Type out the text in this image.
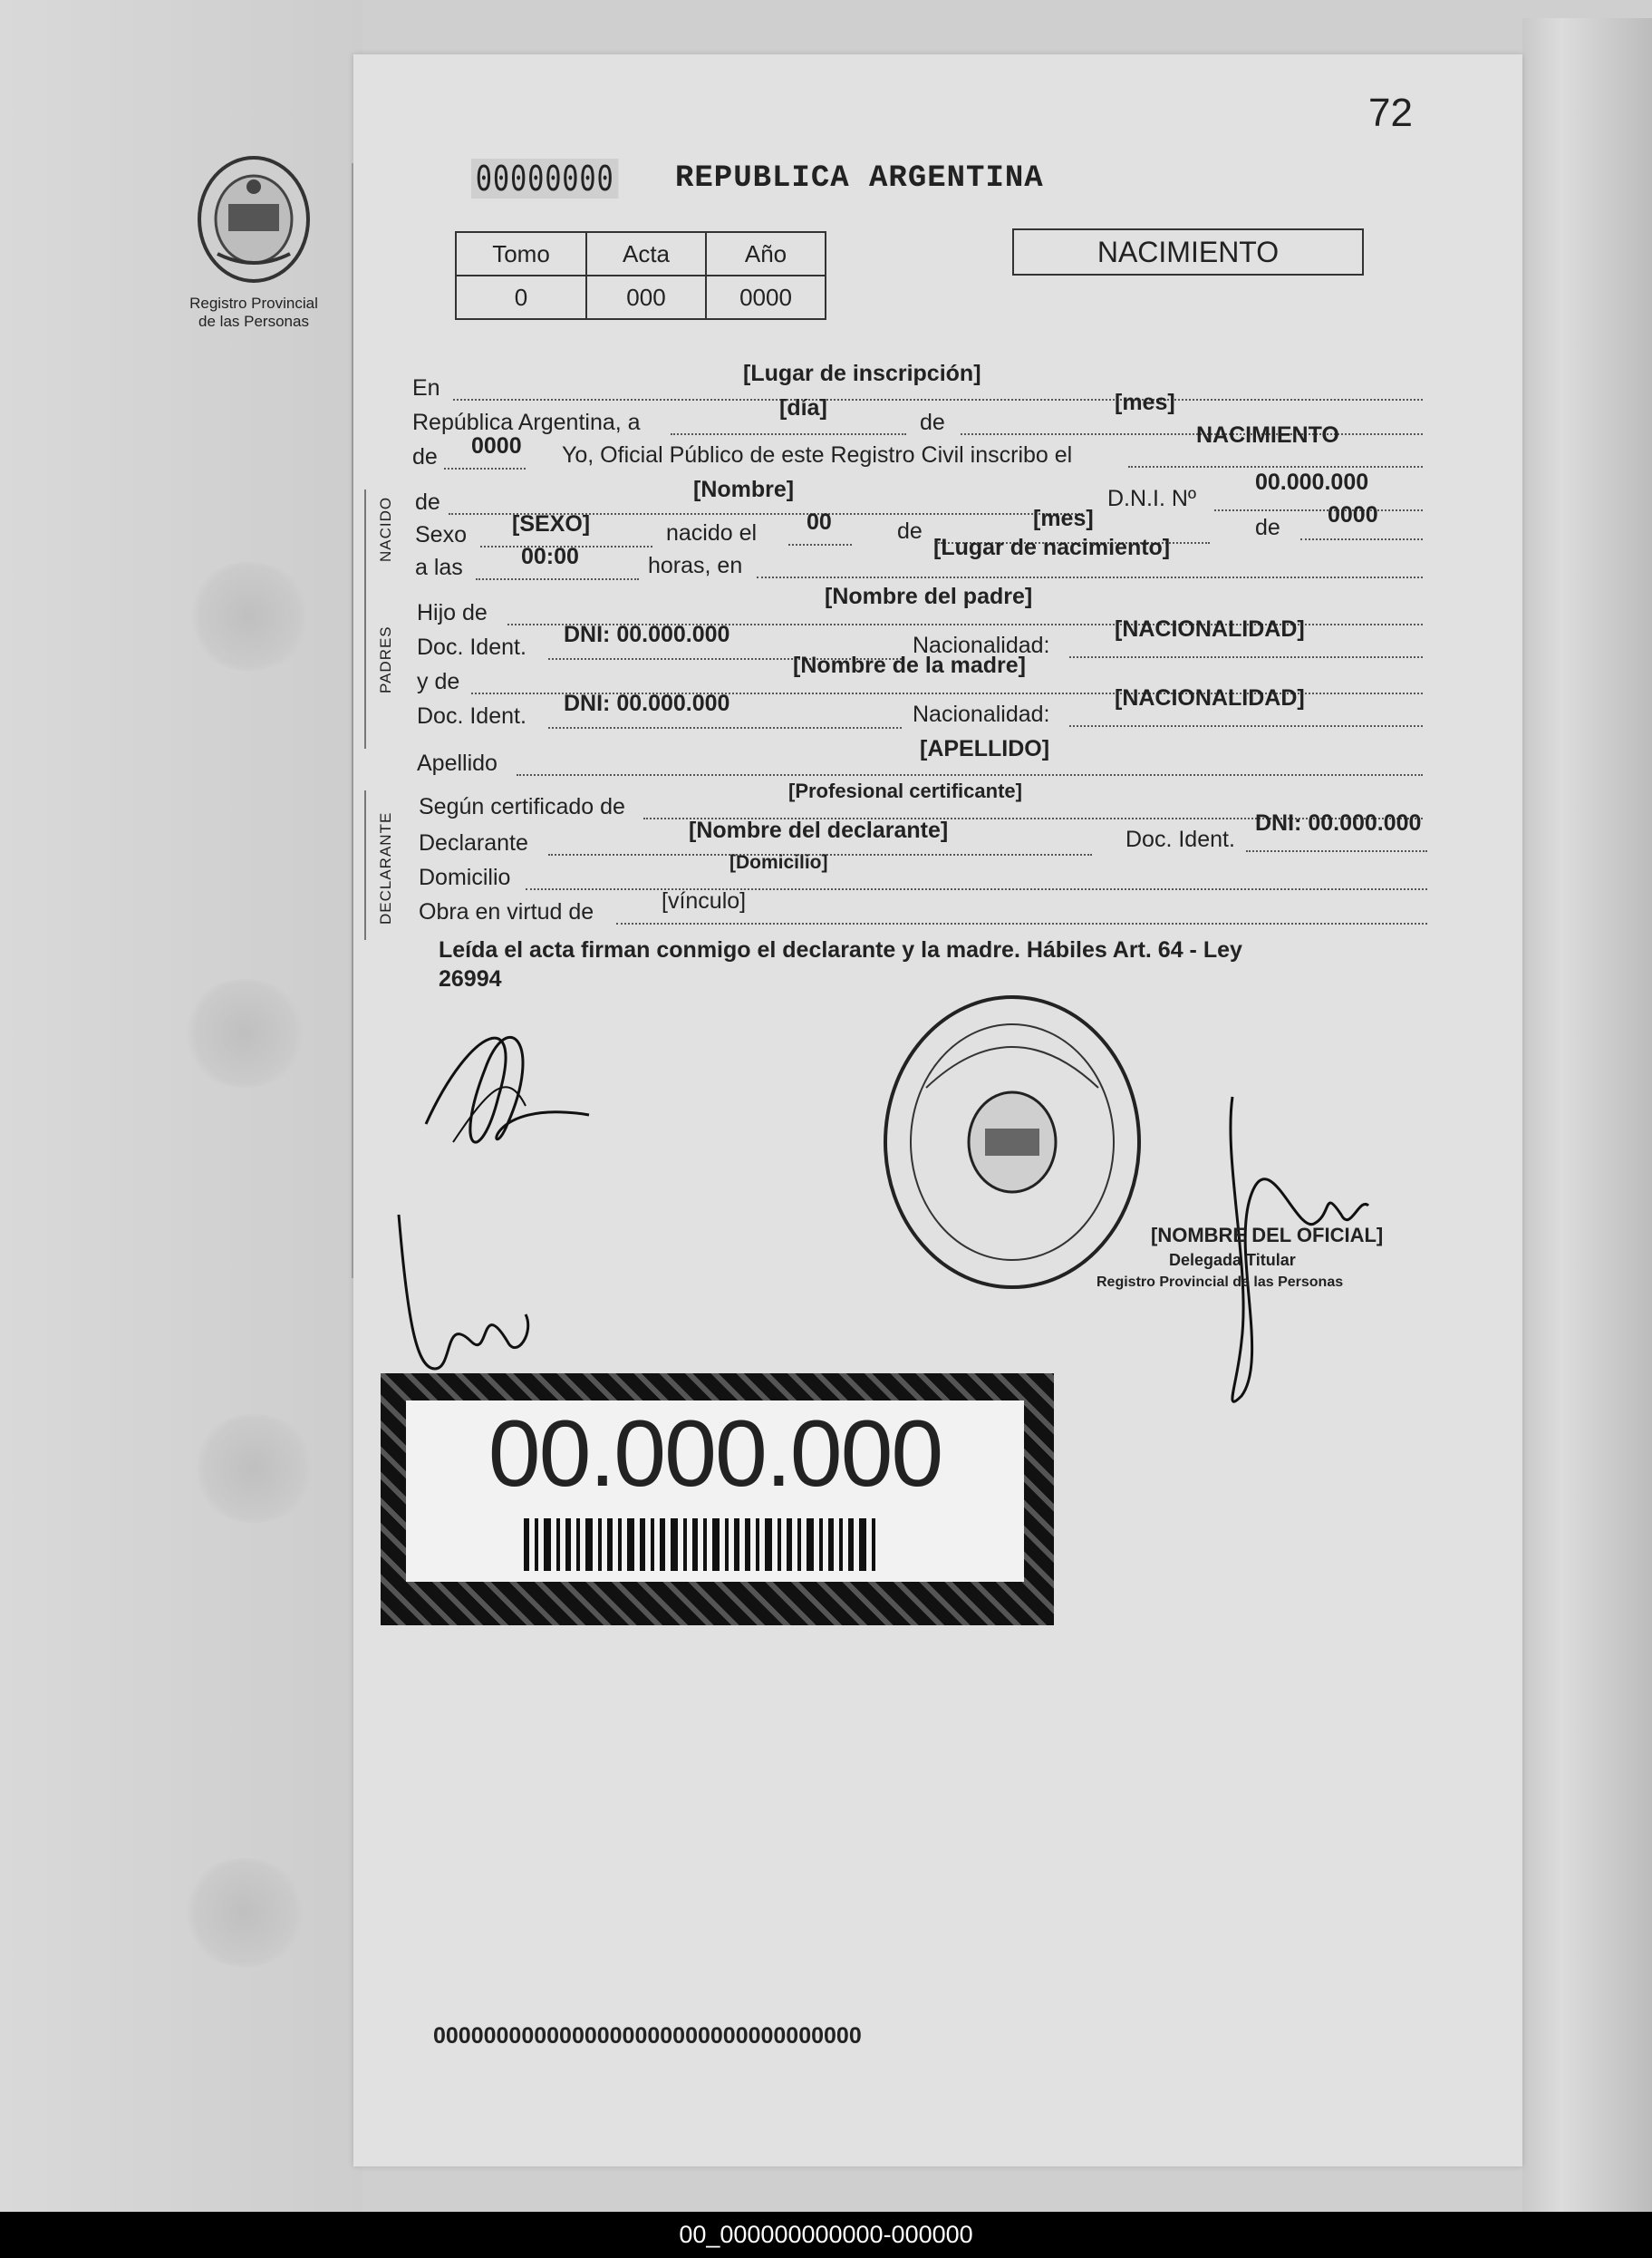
72
Registro Provincial
de las Personas
00000000 REPUBLICA ARGENTINA
Tomo	Acta	Año
0	000	0000
NACIMIENTO
En
[Lugar de inscripción]
República Argentina, a
[día]
de
[mes]
de 0000 Yo, Oficial Público de este Registro Civil inscribo el
NACIMIENTO
NACIDO de	[Nombre]	D.N.I. Nº
00.000.000
Sexo [SEXO]	nacido el 00	de	[mes]	de 0000
a las	00:00	horas, en
[Lugar de nacimiento]
PADRES
Hijo de
[Nombre del padre]
Doc. Ident. DNI: 00.000.000	Nacionalidad:
[NACIONALIDAD]
y de
[Nombre de la madre]
Doc. Ident. DNI: 00.000.000	Nacionalidad:
[NACIONALIDAD]
Apellido
[APELLIDO]
DECLARANTE
Según certificado de
[Profesional certificante]
Declarante	[Nombre del declarante]	Doc. Ident.
DNI: 00.000.000
Domicilio
[Domicilio]
Obra en virtud de	[vínculo]
Leída el acta firman conmigo el declarante y la madre. Hábiles Art. 64 - Ley
26994
[NOMBRE DEL OFICIAL]
Delegada Titular
Registro Provincial de las Personas
00.000.000
0000000000000000000000000000000000
00_000000000000-000000
